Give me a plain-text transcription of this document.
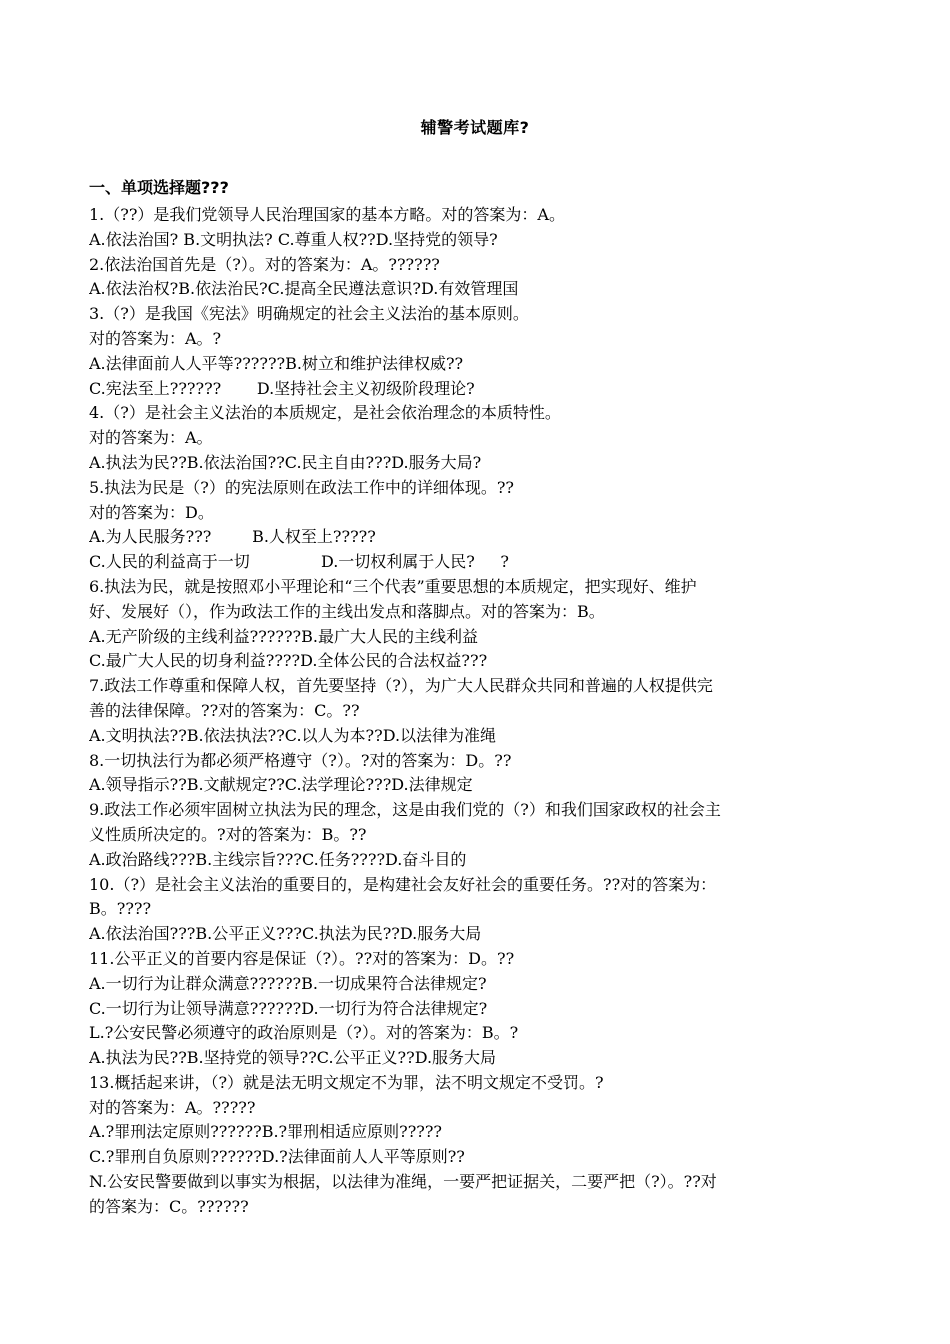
辅警考试题库?
一、单项选择题???
1.（??）是我们党领导人民治理国家的基本方略。对的答案为：A。
A.依法治国? B.文明执法? C.尊重人权??D.坚持党的领导?
2.依法治国首先是（?）。对的答案为：A。??????
A.依法治权?B.依法治民?C.提高全民遵法意识?D.有效管理国
3.（?）是我国《宪法》明确规定的社会主义法治的基本原则。
对的答案为：A。?
A.法律面前人人平等??????B.树立和维护法律权威??
C.宪法至上??????       D.坚持社会主义初级阶段理论?
4.（?）是社会主义法治的本质规定，是社会依治理念的本质特性。
对的答案为：A。
A.执法为民??B.依法治国??C.民主自由???D.服务大局?
5.执法为民是（?）的宪法原则在政法工作中的详细体现。??
对的答案为：D。
A.为人民服务???        B.人权至上?????
C.人民的利益高于一切              D.一切权利属于人民?     ?
6.执法为民，就是按照邓小平理论和“三个代表”重要思想的本质规定，把实现好、维护
好、发展好（），作为政法工作的主线出发点和落脚点。对的答案为：B。
A.无产阶级的主线利益??????B.最广大人民的主线利益
C.最广大人民的切身利益????D.全体公民的合法权益???
7.政法工作尊重和保障人权，首先要坚持（?），为广大人民群众共同和普遍的人权提供完
善的法律保障。??对的答案为：C。??
A.文明执法??B.依法执法??C.以人为本??D.以法律为准绳
8.一切执法行为都必须严格遵守（?）。?对的答案为：D。??
A.领导指示??B.文献规定??C.法学理论???D.法律规定
9.政法工作必须牢固树立执法为民的理念，这是由我们党的（?）和我们国家政权的社会主
义性质所决定的。?对的答案为：B。??
A.政治路线???B.主线宗旨???C.任务????D.奋斗目的
10.（?）是社会主义法治的重要目的，是构建社会友好社会的重要任务。??对的答案为：
B。????
A.依法治国???B.公平正义???C.执法为民??D.服务大局
11.公平正义的首要内容是保证（?）。??对的答案为：D。??
A.一切行为让群众满意??????B.一切成果符合法律规定?
C.一切行为让领导满意??????D.一切行为符合法律规定?
L.?公安民警必须遵守的政治原则是（?）。对的答案为：B。?
A.执法为民??B.坚持党的领导??C.公平正义??D.服务大局
13.概括起来讲，（?）就是法无明文规定不为罪，法不明文规定不受罚。?
对的答案为：A。?????
A.?罪刑法定原则??????B.?罪刑相适应原则?????
C.?罪刑自负原则??????D.?法律面前人人平等原则??
N.公安民警要做到以事实为根据，以法律为准绳，一要严把证据关，二要严把（?）。??对
的答案为：C。??????
